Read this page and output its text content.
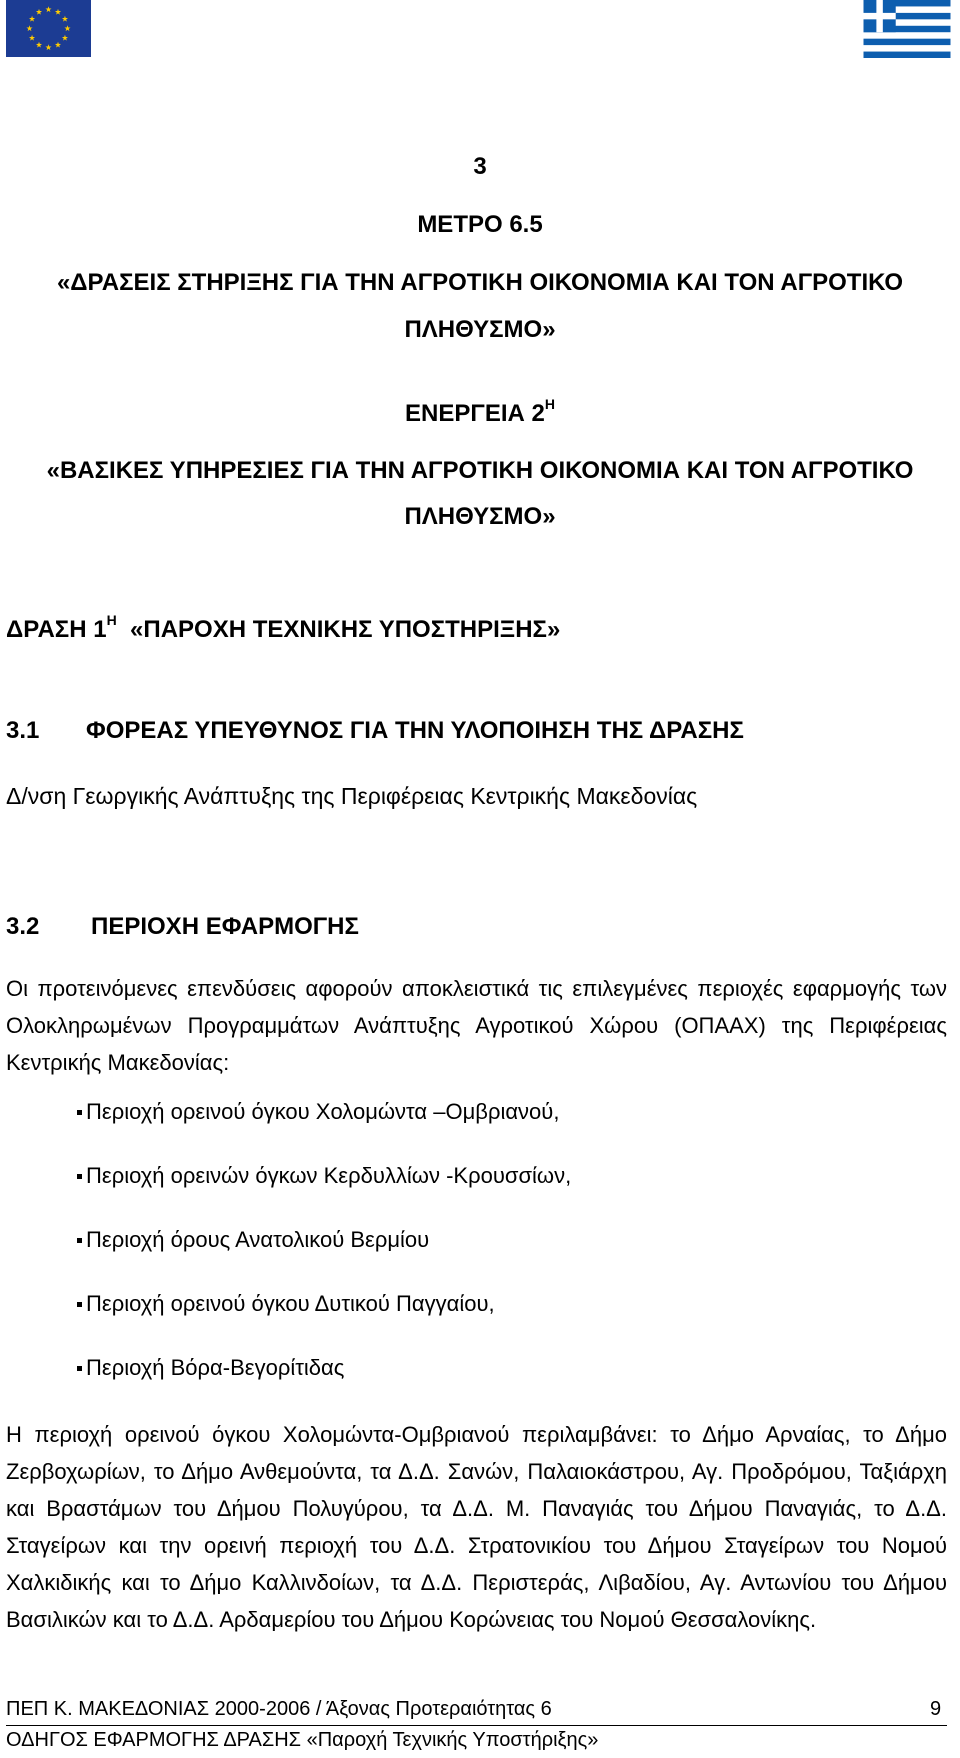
3
ΜΕΤΡΟ 6.5
«ΔΡΑΣΕΙΣ ΣΤΗΡΙΞΗΣ ΓΙΑ ΤΗΝ ΑΓΡΟΤΙΚΗ ΟΙΚΟΝΟΜΙΑ ΚΑΙ ΤΟΝ ΑΓΡΟΤΙΚΟ
ΠΛΗΘΥΣΜΟ»
ΕΝΕΡΓΕΙΑ $2^H$
«ΒΑΣΙΚΕΣ ΥΠΗΡΕΣΙΕΣ ΓΙΑ ΤΗΝ ΑΓΡΟΤΙΚΗ ΟΙΚΟΝΟΜΙΑ ΚΑΙ ΤΟΝ ΑΓΡΟΤΙΚΟ
ΠΛΗΘΥΣΜΟ»
ΔΡΑΣΗ $1^H$ «ΠΑΡΟΧΗ ΤΕΧΝΙΚΗΣ ΥΠΟΣΤΗΡΙΞΗΣ»
3.1 ΦΟΡΕΑΣ ΥΠΕΥΘΥΝΟΣ ΓΙΑ ΤΗΝ ΥΛΟΠΟΙΗΣΗ ΤΗΣ ΔΡΑΣΗΣ
Δ/νση Γεωργικής Ανάπτυξης της Περιφέρειας Κεντρικής Μακεδονίας
3.2 ΠΕΡΙΟΧΗ ΕΦΑΡΜΟΓΗΣ
Οι προτεινόμενες επενδύσεις αφορούν αποκλειστικά τις επιλεγμένες περιοχές εφαρμογής των Ολοκληρωμένων Προγραμμάτων Ανάπτυξης Αγροτικού Χώρου (ΟΠΑΑΧ) της Περιφέρειας Κεντρικής Μακεδονίας:
Περιοχή ορεινού όγκου Χολομώντα –Ομβριανού,
Περιοχή ορεινών όγκων Κερδυλλίων -Κρουσσίων,
Περιοχή όρους Ανατολικού Βερμίου
Περιοχή ορεινού όγκου Δυτικού Παγγαίου,
Περιοχή Βόρα-Βεγορίτιδας
Η περιοχή ορεινού όγκου Χολομώντα-Ομβριανού περιλαμβάνει: το Δήμο Αρναίας, το Δήμο Ζερβοχωρίων, το Δήμο Ανθεμούντα, τα Δ.Δ. Σανών, Παλαιοκάστρου, Αγ. Προδρόμου, Ταξιάρχη και Βραστάμων του Δήμου Πολυγύρου, τα Δ.Δ. Μ. Παναγιάς του Δήμου Παναγιάς, το Δ.Δ. Σταγείρων και την ορεινή περιοχή του Δ.Δ. Στρατονικίου του Δήμου Σταγείρων του Νομού Χαλκιδικής και το Δήμο Καλλινδοίων, τα Δ.Δ. Περιστεράς, Λιβαδίου, Αγ. Αντωνίου του Δήμου Βασιλικών και το Δ.Δ. Αρδαμερίου του Δήμου Κορώνειας του Νομού Θεσσαλονίκης.
ΠΕΠ Κ. ΜΑΚΕΔΟΝΙΑΣ 2000-2006 / Άξονας Προτεραιότητας 6	9
ΟΔΗΓΟΣ ΕΦΑΡΜΟΓΗΣ ΔΡΑΣΗΣ «Παροχή Τεχνικής Υποστήριξης»
